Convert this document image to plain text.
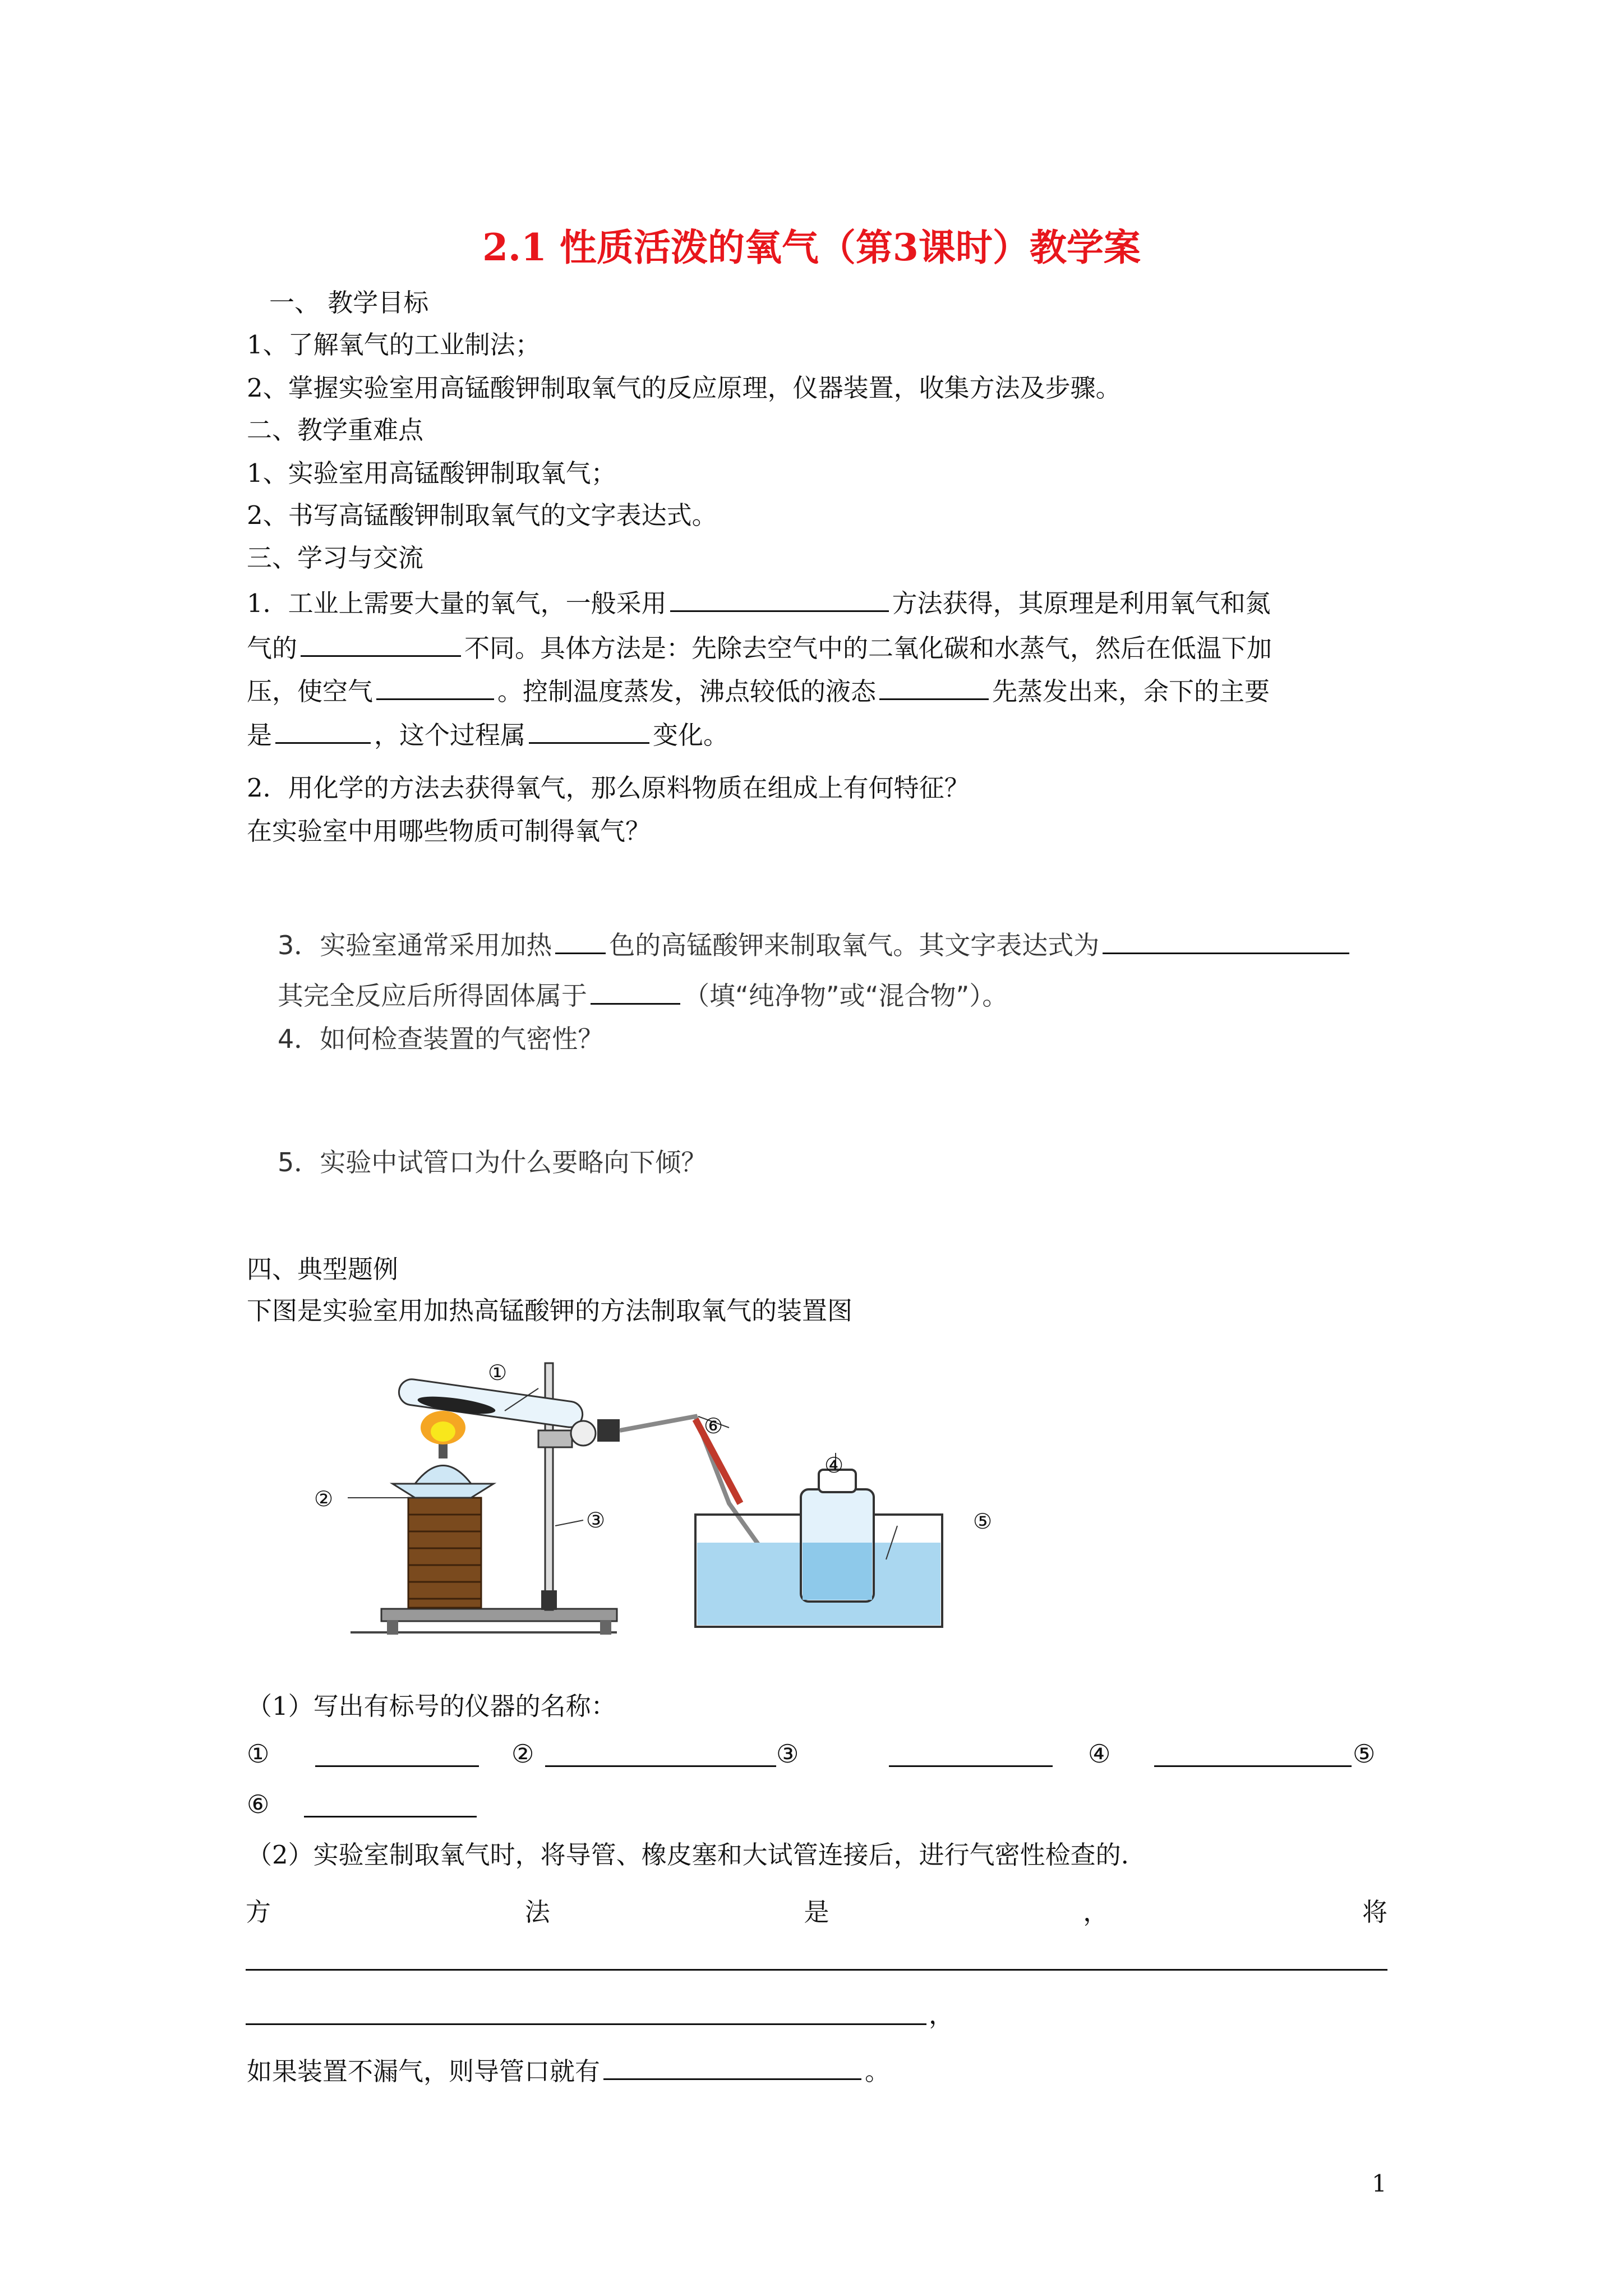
2.1 性质活泼的氧气（第3课时）教学案
一、 教学目标
1、了解氧气的工业制法；
2、掌握实验室用高锰酸钾制取氧气的反应原理，仪器装置，收集方法及步骤。
二、教学重难点
1、实验室用高锰酸钾制取氧气；
2、书写高锰酸钾制取氧气的文字表达式。
三、学习与交流
1．工业上需要大量的氧气，一般采用	方法获得，其原理是利用氧气和氮
气的	不同。具体方法是：先除去空气中的二氧化碳和水蒸气，然后在低温下加
压，使空气	。控制温度蒸发，沸点较低的液态	先蒸发出来，余下的主要
是	，这个过程属	变化。
2．用化学的方法去获得氧气，那么原料物质在组成上有何特征？
在实验室中用哪些物质可制得氧气？
3．实验室通常采用加热 色的高锰酸钾来制取氧气。其文字表达式为
其完全反应后所得固体属于	（填“纯净物”或“混合物”）。
4．如何检查装置的气密性？
5．实验中试管口为什么要略向下倾？
四、典型题例
下图是实验室用加热高锰酸钾的方法制取氧气的装置图
①
②
③
④
⑤
⑥
（1）写出有标号的仪器的名称：
①	②	③	④	⑤
⑥
（2）实验室制取氧气时，将导管、橡皮塞和大试管连接后，进行气密性检查的.
方	法	是	，	将
，
如果装置不漏气，则导管口就有	。
1
